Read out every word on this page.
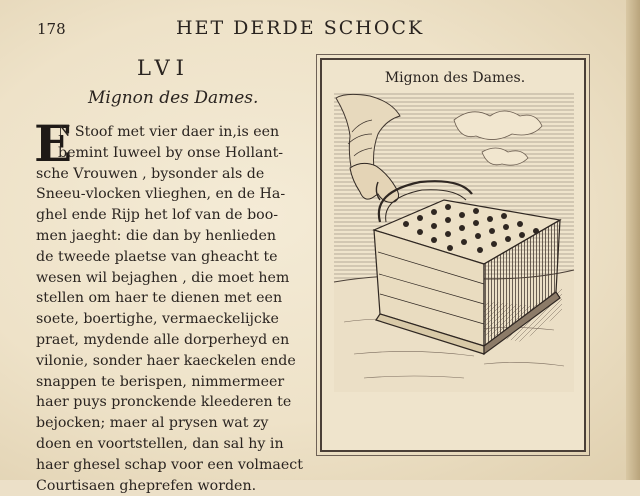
178	HET DERDE SCHOCK
LVI
Mignon des Dames.
E
N Stoof met vier daer in,is een
bemint Iuweel by onse Hollant-
sche Vrouwen , bysonder als de
Sneeu-vlocken vlieghen, en de Ha-
ghel ende Rijp het lof van de boo-
men jaeght: die dan by henlieden
de tweede plaetse van gheacht te
wesen wil bejaghen , die moet hem
stellen om haer te dienen met een
soete, boertighe, vermaeckelijcke
praet, mydende alle dorperheyd en
vilonie, sonder haer kaeckelen ende
snappen te berispen, nimmermeer
haer puys pronckende kleederen te
bejocken; maer al prysen wat zy
doen en voortstellen, dan sal hy in
haer ghesel schap voor een volmaect
Courtisaen gheprefen worden.
Mignon des Dames.
